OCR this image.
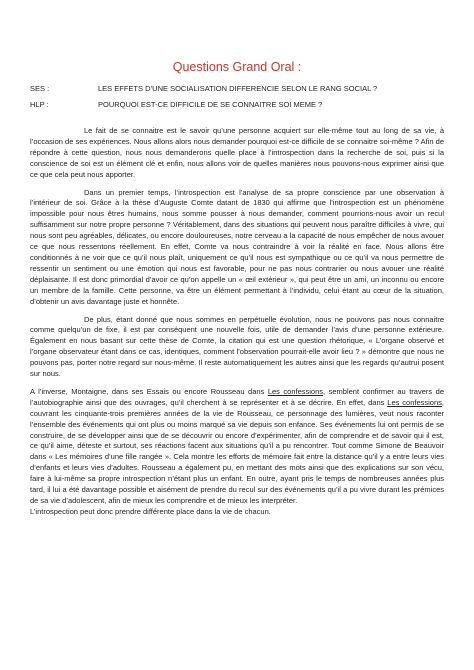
Questions Grand Oral :
SES :	LES EFFETS D’UNE SOCIALISATION DIFFERENCIE SELON LE RANG SOCIAL ?
HLP :	POURQUOI EST-CE DIFFICILE DE SE CONNAITRE SOI MEME ?

Le fait de se connaitre est le savoir qu’une personne acquiert sur elle-même tout au long de sa vie, à l’occasion de ses expériences. Nous allons alors nous demander pourquoi est-ce difficile de se connaitre soi-même ? Afin de répondre à cette question, nous nous demanderons quelle place à l’introspection dans la recherche de soi, puis si la conscience de soi est un élément clé et enfin, nous allons voir de quelles manières nous pouvons-nous exprimer ainsi que ce que cela peut nous apporter.

Dans un premier temps, l’introspection est l’analyse de sa propre conscience par une observation à l’intérieur de soi. Grâce à la thèse d’Auguste Comte datant de 1830 qui affirme que l’introspection est un phénomène impossible pour nous êtres humains, nous somme pousser à nous demander, comment pourrions-nous avoir un recul suffisamment sur notre propre personne ? Véritablement, dans des situations qui peuvent nous paraître difficiles à vivre, qui nous sont peu agréables, délicates, ou encore douloureuses, notre cerveau a la capacité de nous empêcher de nous avouer ce que nous ressentons réellement. En effet, Comte va nous contraindre à voir la réalité en face. Nous allons être conditionnés à ne voir que ce qu’il nous plaît, uniquement ce qu’il nous est sympathique ou ce qu’il va nous permettre de ressentir un sentiment ou une émotion qui nous est favorable, pour ne pas nous contrarier ou nous avouer une réalité déplaisante. Il est donc primordial d’avoir ce qu’on appelle un « œil extérieur », qui peut être un ami, un inconnu ou encore un membre de la famille. Cette personne, va être un élément permettant à l’individu, celui étant au cœur de la situation, d’obtenir un avis davantage juste et honnête.

De plus, étant donné que nous sommes en perpétuelle évolution, nous ne pouvons pas nous connaitre comme quelqu’un de fixe, il est par conséquent une nouvelle fois, utile de demander l’avis d’une personne extérieure. Également en nous basant sur cette thèse de Comte, la citation qui est une question rhétorique, « L’organe observé et l’organe observateur étant dans ce cas, identiques, comment l’observation pourrait-elle avoir lieu ? » démontre que nous ne pouvons pas, porter notre regard sur nous-même. Il reste automatiquement les autres ainsi que les regards qu’autrui posent sur nous.

A l’inverse, Montaigne, dans ses Essais ou encore Rousseau dans Les confessions, semblent confirmer au travers de l’autobiographie ainsi que des ouvrages, qu’il cherchent à se représenter et à se décrire. En effet, dans Les confessions, couvrant les cinquante-trois premières années de la vie de Rousseau, ce personnage des lumières, veut nous raconter l’ensemble des événements qui ont plus ou moins marqué sa vie depuis son enfance. Ses événements lui ont permis de se construire, de se développer ainsi que de se découvrir ou encore d’expérimenter, afin de comprendre et de savoir qui il est, ce qu’il aime, déteste et surtout, ses réactions facent aux situations qu’il a pu rencontrer. Tout comme Simone de Beauvoir dans « Les mémoires d’une fille rangée ». Cela montre les efforts de mémoire fait entre la distance qu’il y a entre leurs vies d’enfants et leurs vies d’adultes. Rousseau a également pu, en mettant des mots ainsi que des explications sur son vécu, faire à lui-même sa propre introspection n’étant plus un enfant. En outre, ayant pris le temps de nombreuses années plus tard, il lui a été davantage possible et aisément de prendre du recul sur des événements qu’il a pu vivre durant les prémices de sa vie d’adolescent, afin de mieux les comprendre et de mieux les interpréter.

L’introspection peut donc prendre différente place dans la vie de chacun.
